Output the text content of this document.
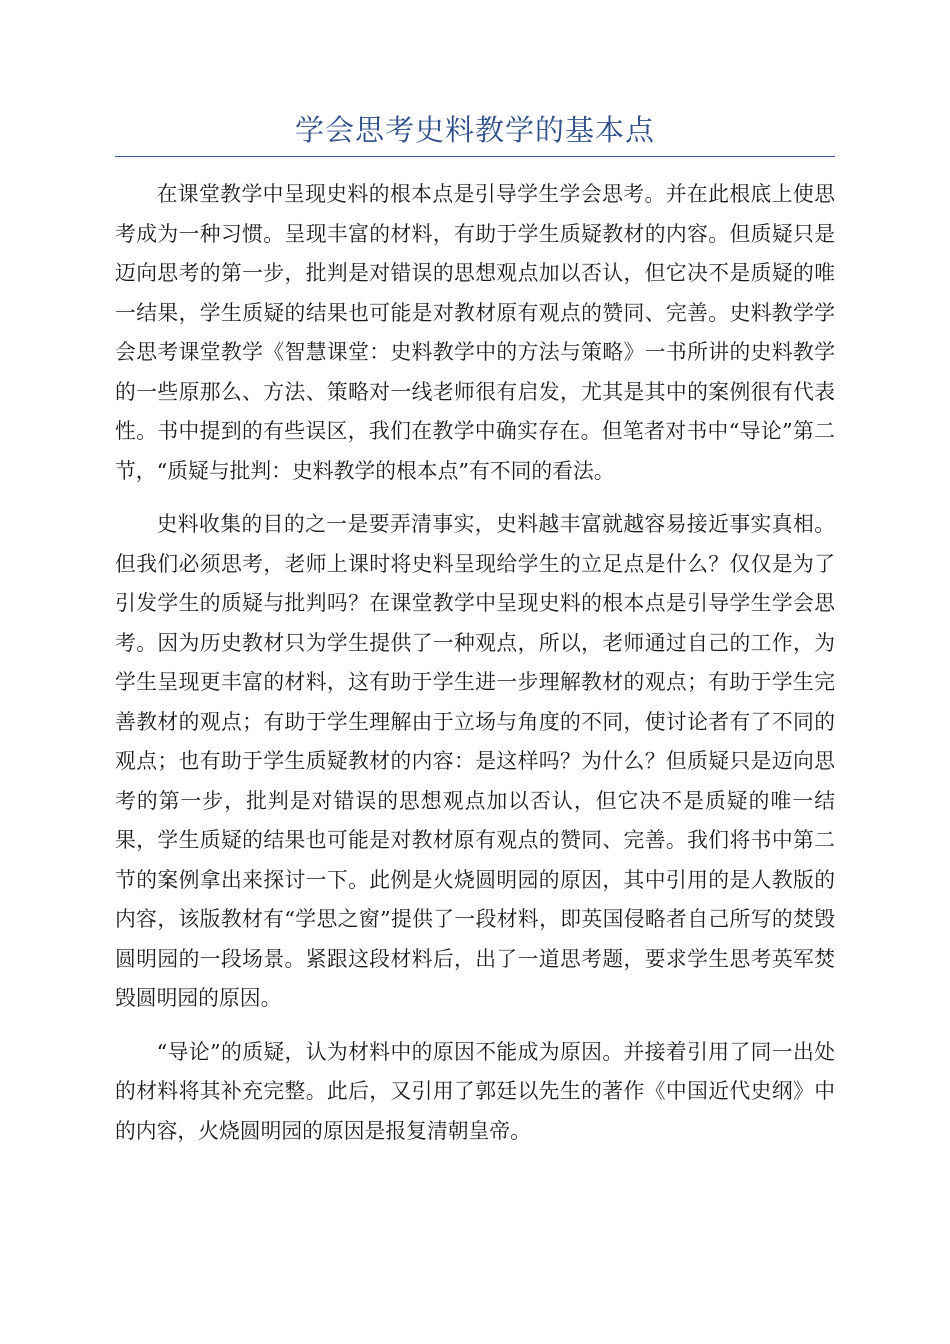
学会思考史料教学的基本点

在课堂教学中呈现史料的根本点是引导学生学会思考。并在此根底上使思考成为一种习惯。呈现丰富的材料，有助于学生质疑教材的内容。但质疑只是迈向思考的第一步，批判是对错误的思想观点加以否认，但它决不是质疑的唯一结果，学生质疑的结果也可能是对教材原有观点的赞同、完善。史料教学学会思考课堂教学《智慧课堂：史料教学中的方法与策略》一书所讲的史料教学的一些原那么、方法、策略对一线老师很有启发，尤其是其中的案例很有代表性。书中提到的有些误区，我们在教学中确实存在。但笔者对书中“导论”第二节，“质疑与批判：史料教学的根本点”有不同的看法。

史料收集的目的之一是要弄清事实，史料越丰富就越容易接近事实真相。但我们必须思考，老师上课时将史料呈现给学生的立足点是什么？仅仅是为了引发学生的质疑与批判吗？在课堂教学中呈现史料的根本点是引导学生学会思考。因为历史教材只为学生提供了一种观点，所以，老师通过自己的工作，为学生呈现更丰富的材料，这有助于学生进一步理解教材的观点；有助于学生完善教材的观点；有助于学生理解由于立场与角度的不同，使讨论者有了不同的观点；也有助于学生质疑教材的内容：是这样吗？为什么？但质疑只是迈向思考的第一步，批判是对错误的思想观点加以否认，但它决不是质疑的唯一结果，学生质疑的结果也可能是对教材原有观点的赞同、完善。我们将书中第二节的案例拿出来探讨一下。此例是火烧圆明园的原因，其中引用的是人教版的内容，该版教材有“学思之窗”提供了一段材料，即英国侵略者自己所写的焚毁圆明园的一段场景。紧跟这段材料后，出了一道思考题，要求学生思考英军焚毁圆明园的原因。

“导论”的质疑，认为材料中的原因不能成为原因。并接着引用了同一出处的材料将其补充完整。此后，又引用了郭廷以先生的著作《中国近代史纲》中的内容，火烧圆明园的原因是报复清朝皇帝。
